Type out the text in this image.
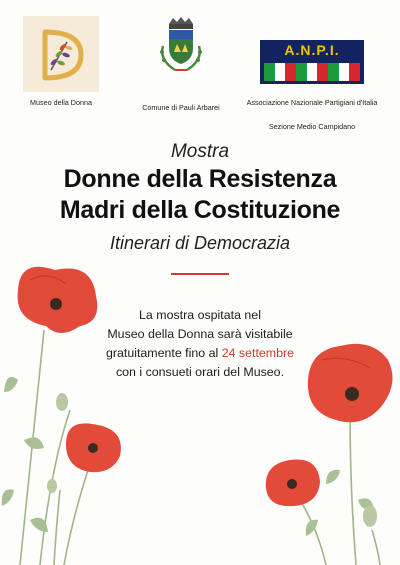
Museo della Donna
Comune di Pauli Arbarei
A.N.P.I.
Associazione Nazionale Partigiani d'Italia
Sezione Medio Campidano
Mostra
Donne della Resistenza
Madri della Costituzione
Itinerari di Democrazia
La mostra ospitata nel
Museo della Donna sarà visitabile
gratuitamente fino al 24 settembre
con i consueti orari del Museo.
